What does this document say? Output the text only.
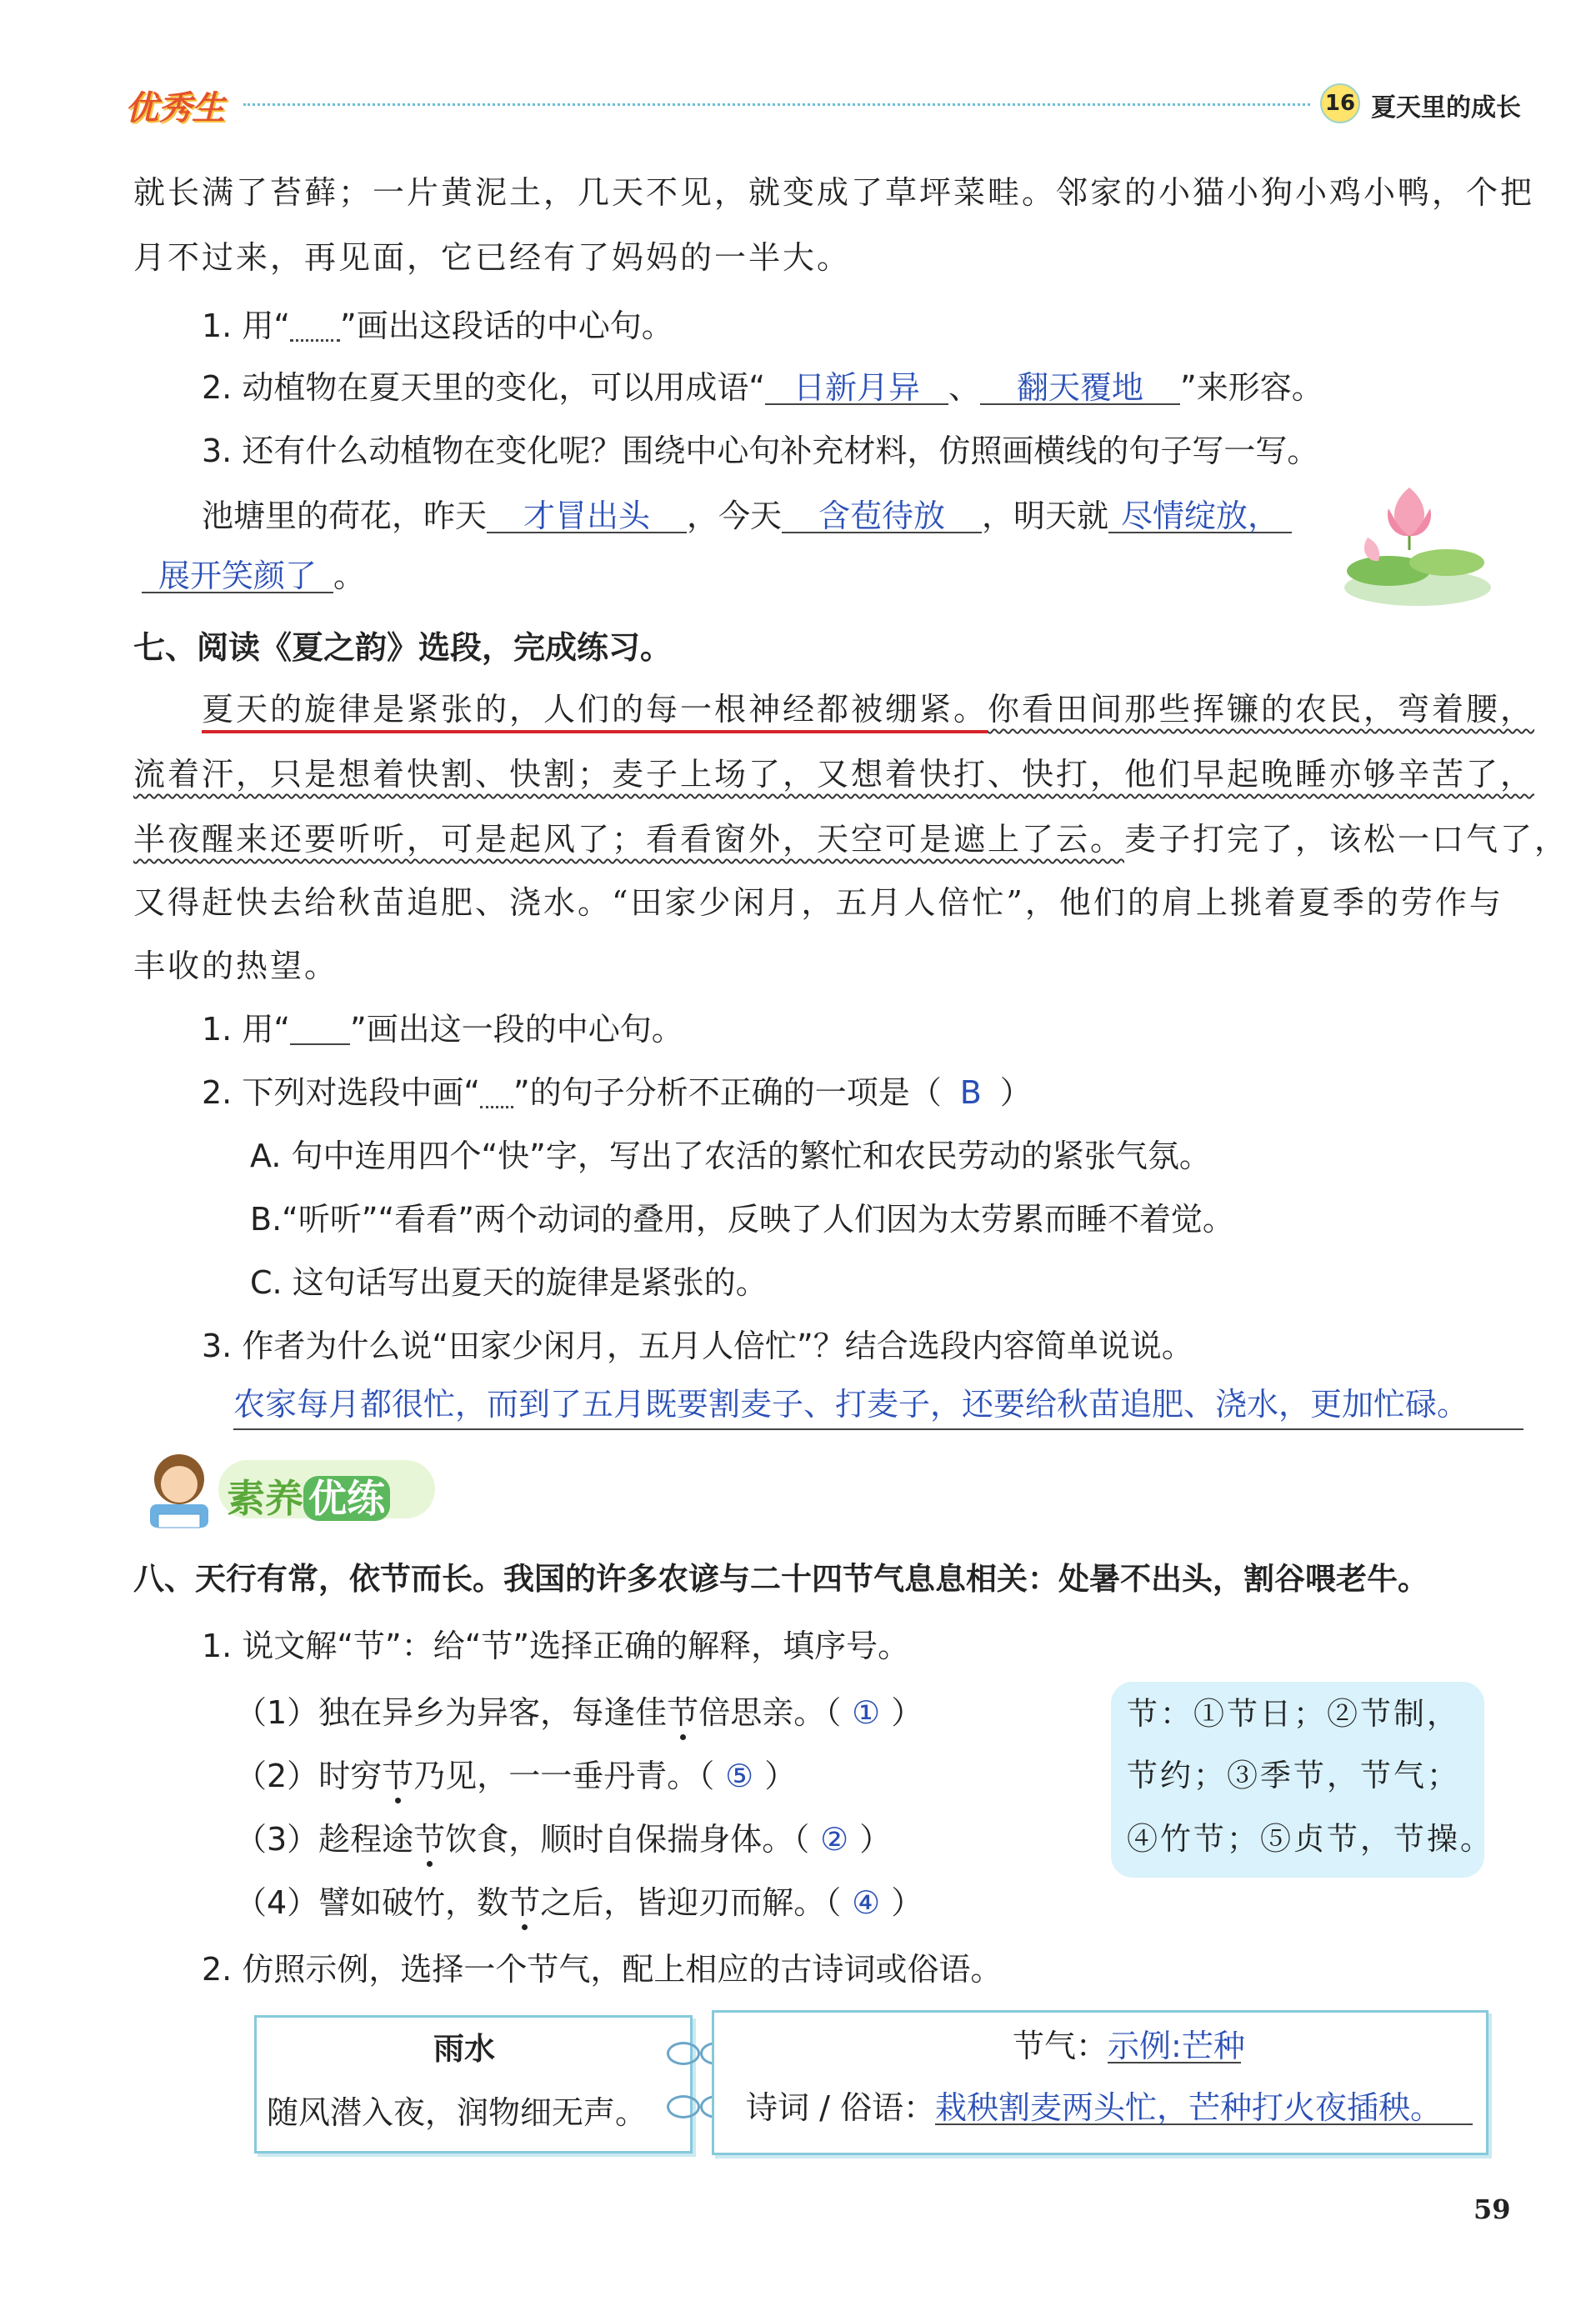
优秀生	16 夏天里的成长
就长满了苔藓；一片黄泥土，几天不见，就变成了草坪菜畦。邻家的小猫小狗小鸡小鸭，个把
月不过来，再见面，它已经有了妈妈的一半大。
1. 用“ ”画出这段话的中心句。
2. 动植物在夏天里的变化，可以用成语“ 日新月异 、 翻天覆地 ”来形容。
3. 还有什么动植物在变化呢？围绕中心句补充材料，仿照画横线的句子写一写。
池塘里的荷花，昨天 才冒出头 ，今天 含苞待放 ，明天就 尽情绽放，
展开笑颜了 。
七、阅读《夏之韵》选段，完成练习。
夏天的旋律是紧张的，人们的每一根神经都被绷紧。你看田间那些挥镰的农民，弯着腰，
流着汗，只是想着快割、快割；麦子上场了，又想着快打、快打，他们早起晚睡亦够辛苦了，
半夜醒来还要听听，可是起风了；看看窗外，天空可是遮上了云。麦子打完了，该松一口气了，
又得赶快去给秋苗追肥、浇水。“田家少闲月，五月人倍忙”，他们的肩上挑着夏季的劳作与
丰收的热望。
1. 用“ ”画出这一段的中心句。
2. 下列对选段中画“ ”的句子分析不正确的一项是（ B ）
A. 句中连用四个“快”字，写出了农活的繁忙和农民劳动的紧张气氛。
B.“听听”“看看”两个动词的叠用，反映了人们因为太劳累而睡不着觉。
C. 这句话写出夏天的旋律是紧张的。
3. 作者为什么说“田家少闲月，五月人倍忙”？结合选段内容简单说说。
农家每月都很忙，而到了五月既要割麦子、打麦子，还要给秋苗追肥、浇水，更加忙碌。
素养 优练
八、天行有常，依节而长。我国的许多农谚与二十四节气息息相关：处暑不出头，割谷喂老牛。
1. 说文解“节”：给“节”选择正确的解释，填序号。
（1）独在异乡为异客，每逢佳节倍思亲。（ ① ）
（2）时穷节乃见，一一垂丹青。（ ⑤ ）
（3）趁程途节饮食，顺时自保揣身体。（ ② ）
（4）譬如破竹，数节之后，皆迎刃而解。（ ④ ）
节：①节日；②节制，
节约；③季节，节气；
④竹节；⑤贞节，节操。
2. 仿照示例，选择一个节气，配上相应的古诗词或俗语。
雨水
随风潜入夜，润物细无声。
节气：示例:芒种
诗词 / 俗语：栽秧割麦两头忙，芒种打火夜插秧。
59
